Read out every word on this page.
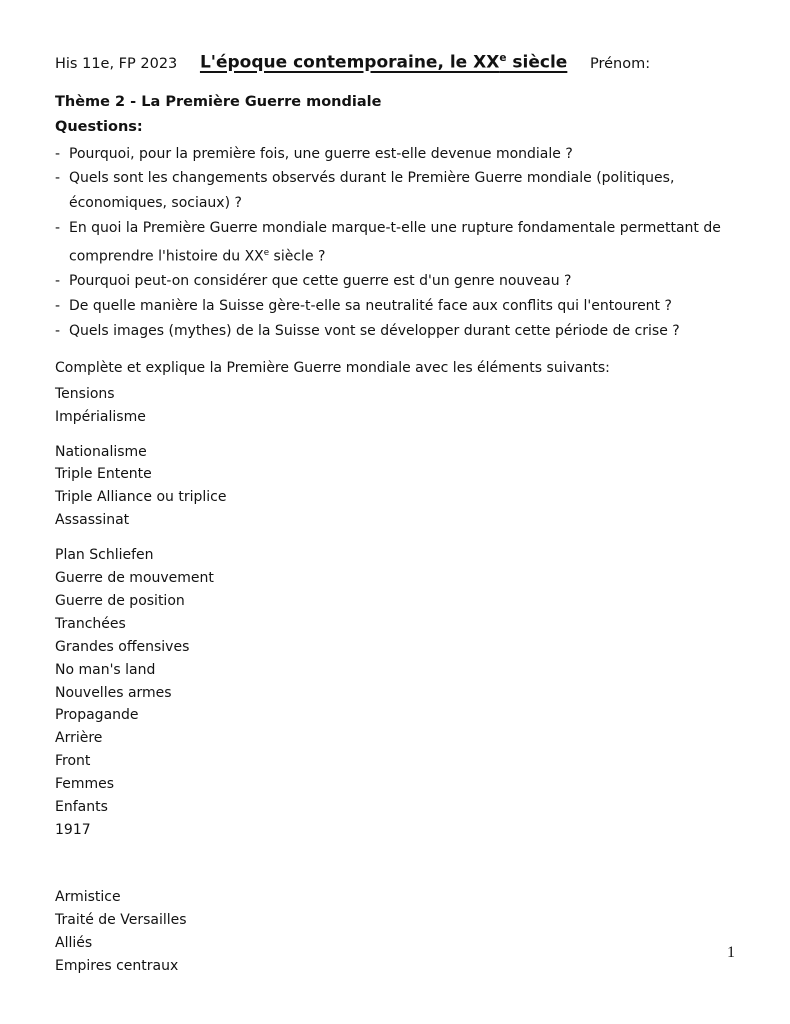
His 11e, FP 2023 L'époque contemporaine, le XXe siècle Prénom:
Thème 2 - La Première Guerre mondiale
Questions:
- Pourquoi, pour la première fois, une guerre est-elle devenue mondiale ?
- Quels sont les changements observés durant le Première Guerre mondiale (politiques, économiques, sociaux) ?
- En quoi la Première Guerre mondiale marque-t-elle une rupture fondamentale permettant de comprendre l'histoire du XXe siècle ?
- Pourquoi peut-on considérer que cette guerre est d'un genre nouveau ?
- De quelle manière la Suisse gère-t-elle sa neutralité face aux conflits qui l'entourent ?
- Quels images (mythes) de la Suisse vont se développer durant cette période de crise ?
Complète et explique la Première Guerre mondiale avec les éléments suivants:
Tensions
Impérialisme
Nationalisme
Triple Entente
Triple Alliance ou triplice
Assassinat
Plan Schliefen
Guerre de mouvement
Guerre de position
Tranchées
Grandes offensives
No man's land
Nouvelles armes
Propagande
Arrière
Front
Femmes
Enfants
1917
Armistice
Traité de Versailles
Alliés
Empires centraux
1
